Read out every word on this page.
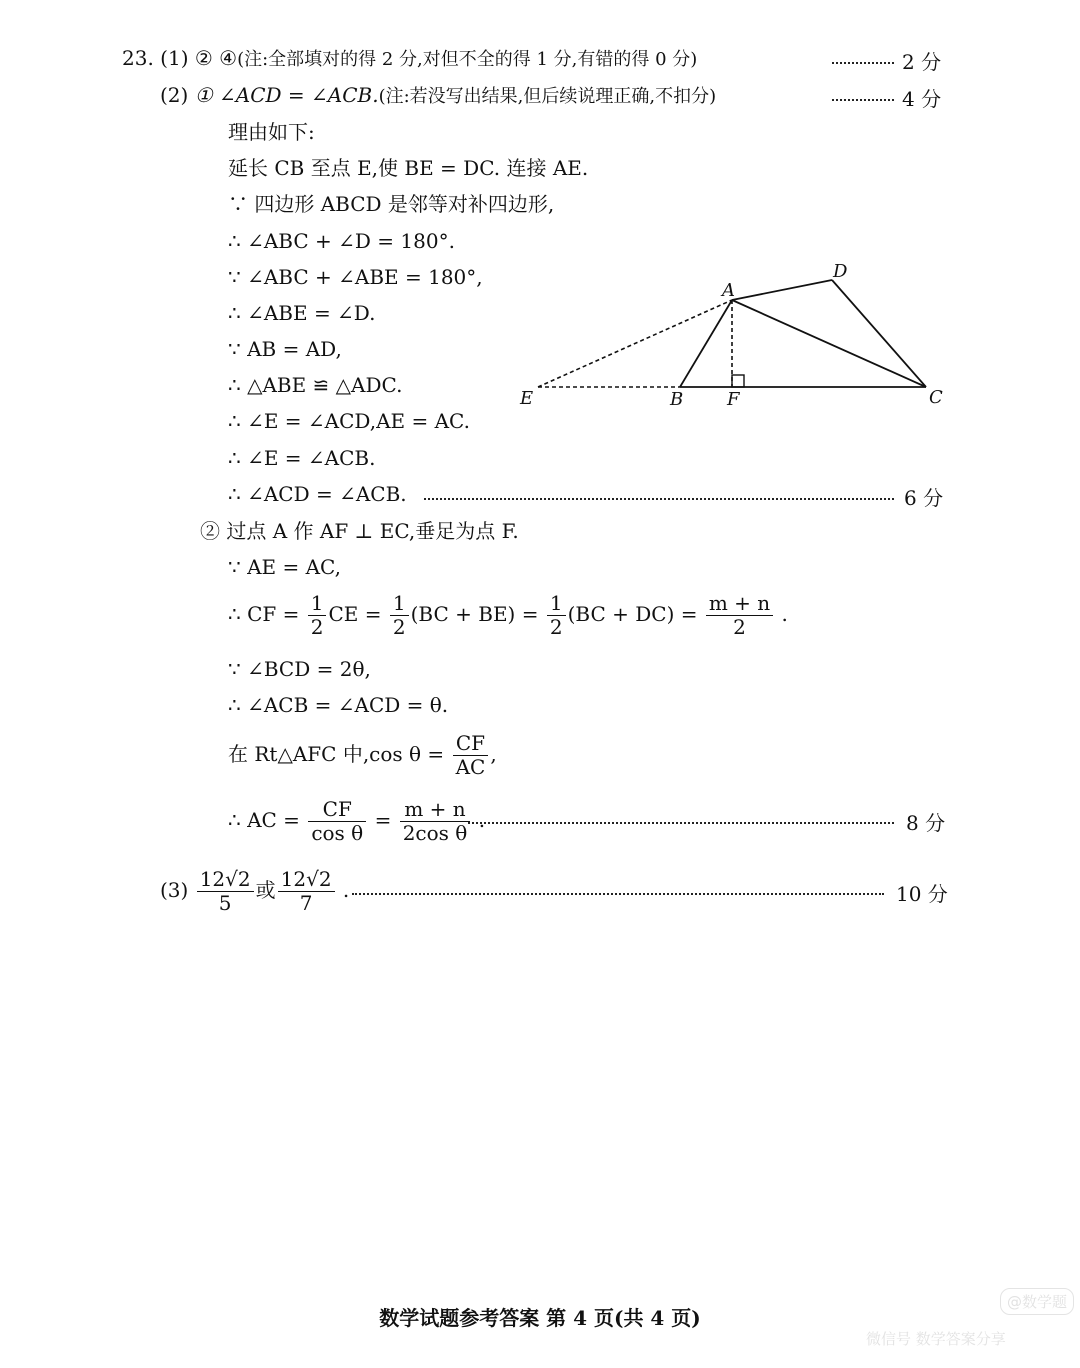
23. (1) ② ④(注:全部填对的得 2 分,对但不全的得 1 分,有错的得 0 分)	2 分
(2) ① ∠ACD = ∠ACB.(注:若没写出结果,但后续说理正确,不扣分)	4 分
理由如下:
延长 CB 至点 E,使 BE = DC. 连接 AE.
∵ 四边形 ABCD 是邻等对补四边形,
∴ ∠ABC + ∠D = 180°.
∵ ∠ABC + ∠ABE = 180°,
∴ ∠ABE = ∠D.
∵ AB = AD,
∴ △ABE ≌ △ADC.
∴ ∠E = ∠ACD,AE = AC.
∴ ∠E = ∠ACB.
∴ ∠ACD = ∠ACB.	6 分
A
D
E	B F	C
② 过点 A 作 AF ⊥ EC,垂足为点 F.
∵ AE = AC,
∴ CF = $\frac{1}{2}$ CE = $\frac{1}{2} (BC + BE) = \frac{1}{2} (BC + DC) = \frac{m + n}{2}$ .
∵ ∠BCD = 2θ,
∴ ∠ACB = ∠ACD = θ.
在 Rt△AFC 中,cos $\theta = \frac{CF}{AC}$ ,
∴ AC = $\frac{CF}{\text{cos θ}} = \frac{m + n}{\text{2cos θ}}$ .	8 分
$(3) \frac{12√2}{5}$ 或 $\frac{12√2}{7}$ .	10 分
数学试题参考答案 第 4 页(共 4 页)
@数学题
微信号 数学答案分享
